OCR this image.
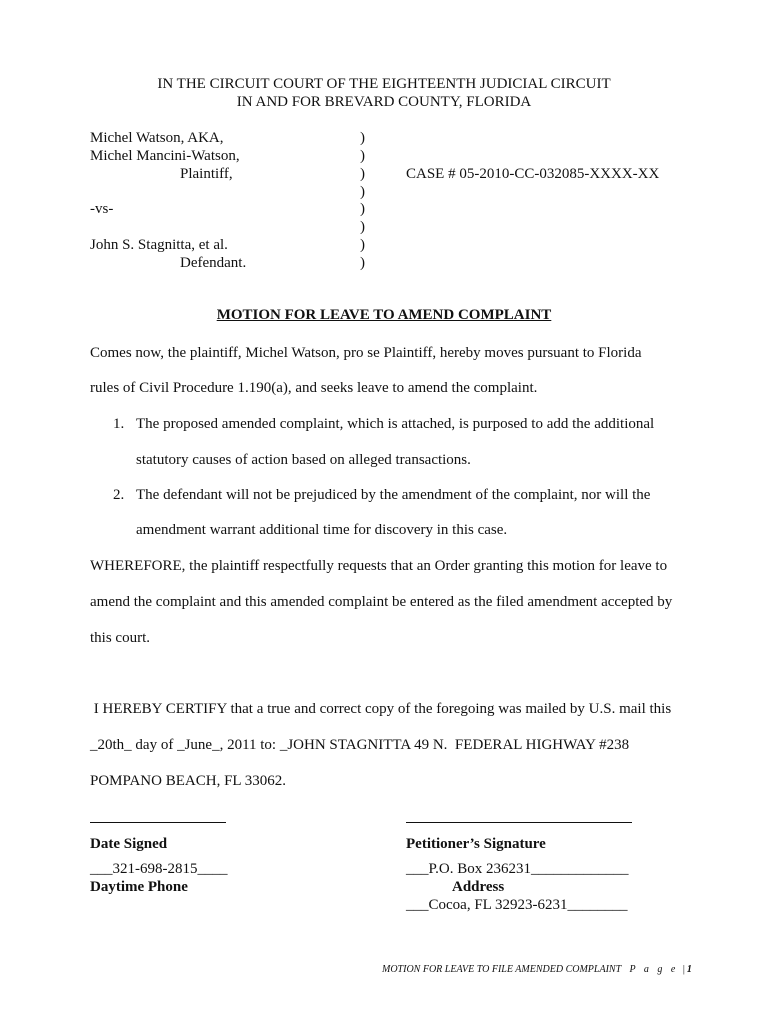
IN THE CIRCUIT COURT OF THE EIGHTEENTH JUDICIAL CIRCUIT
IN AND FOR BREVARD COUNTY, FLORIDA
Michel Watson, AKA,
Michel Mancini-Watson,
Plaintiff,
-vs-
John S. Stagnitta, et al.
Defendant.
)
)
)
)
)
)
)
)
CASE # 05-2010-CC-032085-XXXX-XX
MOTION FOR LEAVE TO AMEND COMPLAINT
Comes now, the plaintiff, Michel Watson, pro se Plaintiff, hereby moves pursuant to Florida
rules of Civil Procedure 1.190(a), and seeks leave to amend the complaint.
1. The proposed amended complaint, which is attached, is purposed to add the additional
statutory causes of action based on alleged transactions.
2. The defendant will not be prejudiced by the amendment of the complaint, nor will the
amendment warrant additional time for discovery in this case.
WHEREFORE, the plaintiff respectfully requests that an Order granting this motion for leave to
amend the complaint and this amended complaint be entered as the filed amendment accepted by
this court.
I HEREBY CERTIFY that a true and correct copy of the foregoing was mailed by U.S. mail this
_20th_ day of _June_, 2011 to: _JOHN STAGNITTA 49 N.  FEDERAL HIGHWAY #238
POMPANO BEACH, FL 33062.
Date Signed	Petitioner’s Signature
___321-698-2815____
Daytime Phone
___P.O. Box 236231_____________
Address
___Cocoa, FL 32923-6231________
MOTION FOR LEAVE TO FILE AMENDED COMPLAINT P a g e | 1
